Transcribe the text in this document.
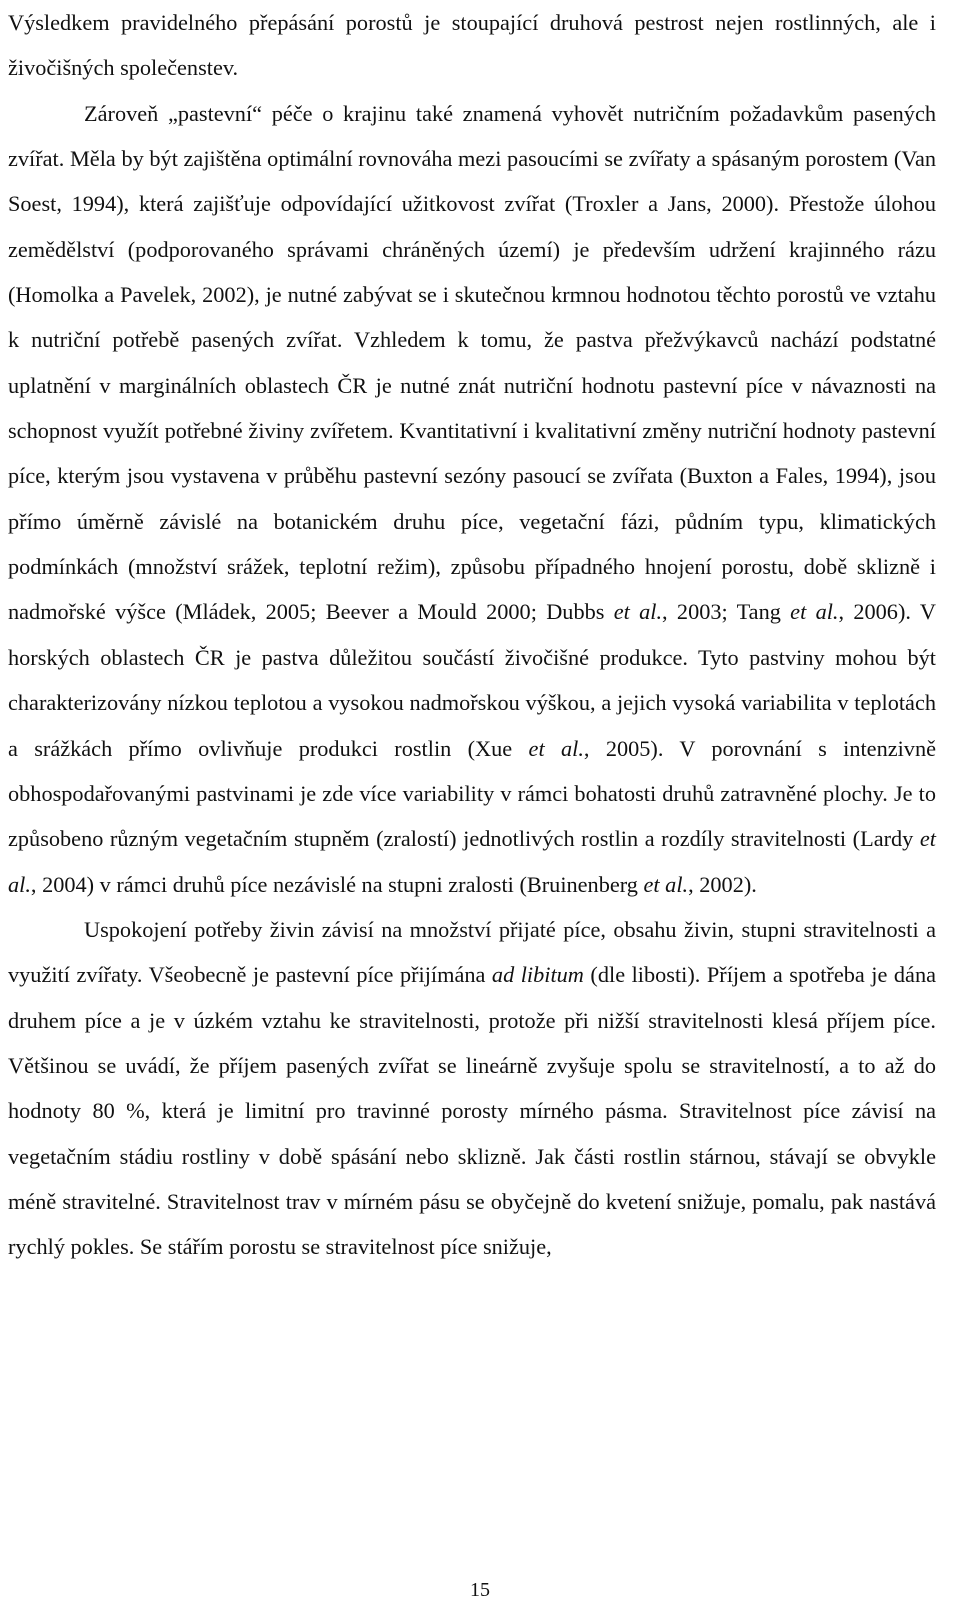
Výsledkem pravidelného přepásání porostů je stoupající druhová pestrost nejen rostlinných, ale i živočišných společenstev.

Zároveň „pastevní“ péče o krajinu také znamená vyhovět nutričním požadavkům pasených zvířat. Měla by být zajištěna optimální rovnováha mezi pasoucími se zvířaty a spásaným porostem (Van Soest, 1994), která zajišťuje odpovídající užitkovost zvířat (Troxler a Jans, 2000). Přestože úlohou zemědělství (podporovaného správami chráněných území) je především udržení krajinného rázu (Homolka a Pavelek, 2002), je nutné zabývat se i skutečnou krmnou hodnotou těchto porostů ve vztahu k nutriční potřebě pasených zvířat. Vzhledem k tomu, že pastva přežvýkavců nachází podstatné uplatnění v marginálních oblastech ČR je nutné znát nutriční hodnotu pastevní píce v návaznosti na schopnost využít potřebné živiny zvířetem. Kvantitativní i kvalitativní změny nutriční hodnoty pastevní píce, kterým jsou vystavena v průběhu pastevní sezóny pasoucí se zvířata (Buxton a Fales, 1994), jsou přímo úměrně závislé na botanickém druhu píce, vegetační fázi, půdním typu, klimatických podmínkách (množství srážek, teplotní režim), způsobu případného hnojení porostu, době sklizně i nadmořské výšce (Mládek, 2005; Beever a Mould 2000; Dubbs et al., 2003; Tang et al., 2006). V horských oblastech ČR je pastva důležitou součástí živočišné produkce. Tyto pastviny mohou být charakterizovány nízkou teplotou a vysokou nadmořskou výškou, a jejich vysoká variabilita v teplotách a srážkách přímo ovlivňuje produkci rostlin (Xue et al., 2005). V porovnání s intenzivně obhospodařovanými pastvinami je zde více variability v rámci bohatosti druhů zatravněné plochy. Je to způsobeno různým vegetačním stupněm (zralostí) jednotlivých rostlin a rozdíly stravitelnosti (Lardy et al., 2004) v rámci druhů píce nezávislé na stupni zralosti (Bruinenberg et al., 2002).

Uspokojení potřeby živin závisí na množství přijaté píce, obsahu živin, stupni stravitelnosti a využití zvířaty. Všeobecně je pastevní píce přijímána ad libitum (dle libosti). Příjem a spotřeba je dána druhem píce a je v úzkém vztahu ke stravitelnosti, protože při nižší stravitelnosti klesá příjem píce. Většinou se uvádí, že příjem pasených zvířat se lineárně zvyšuje spolu se stravitelností, a to až do hodnoty 80 %, která je limitní pro travinné porosty mírného pásma. Stravitelnost píce závisí na vegetačním stádiu rostliny v době spásání nebo sklizně. Jak části rostlin stárnou, stávají se obvykle méně stravitelné. Stravitelnost trav v mírném pásu se obyčejně do kvetení snižuje, pomalu, pak nastává rychlý pokles. Se stářím porostu se stravitelnost píce snižuje,

15
